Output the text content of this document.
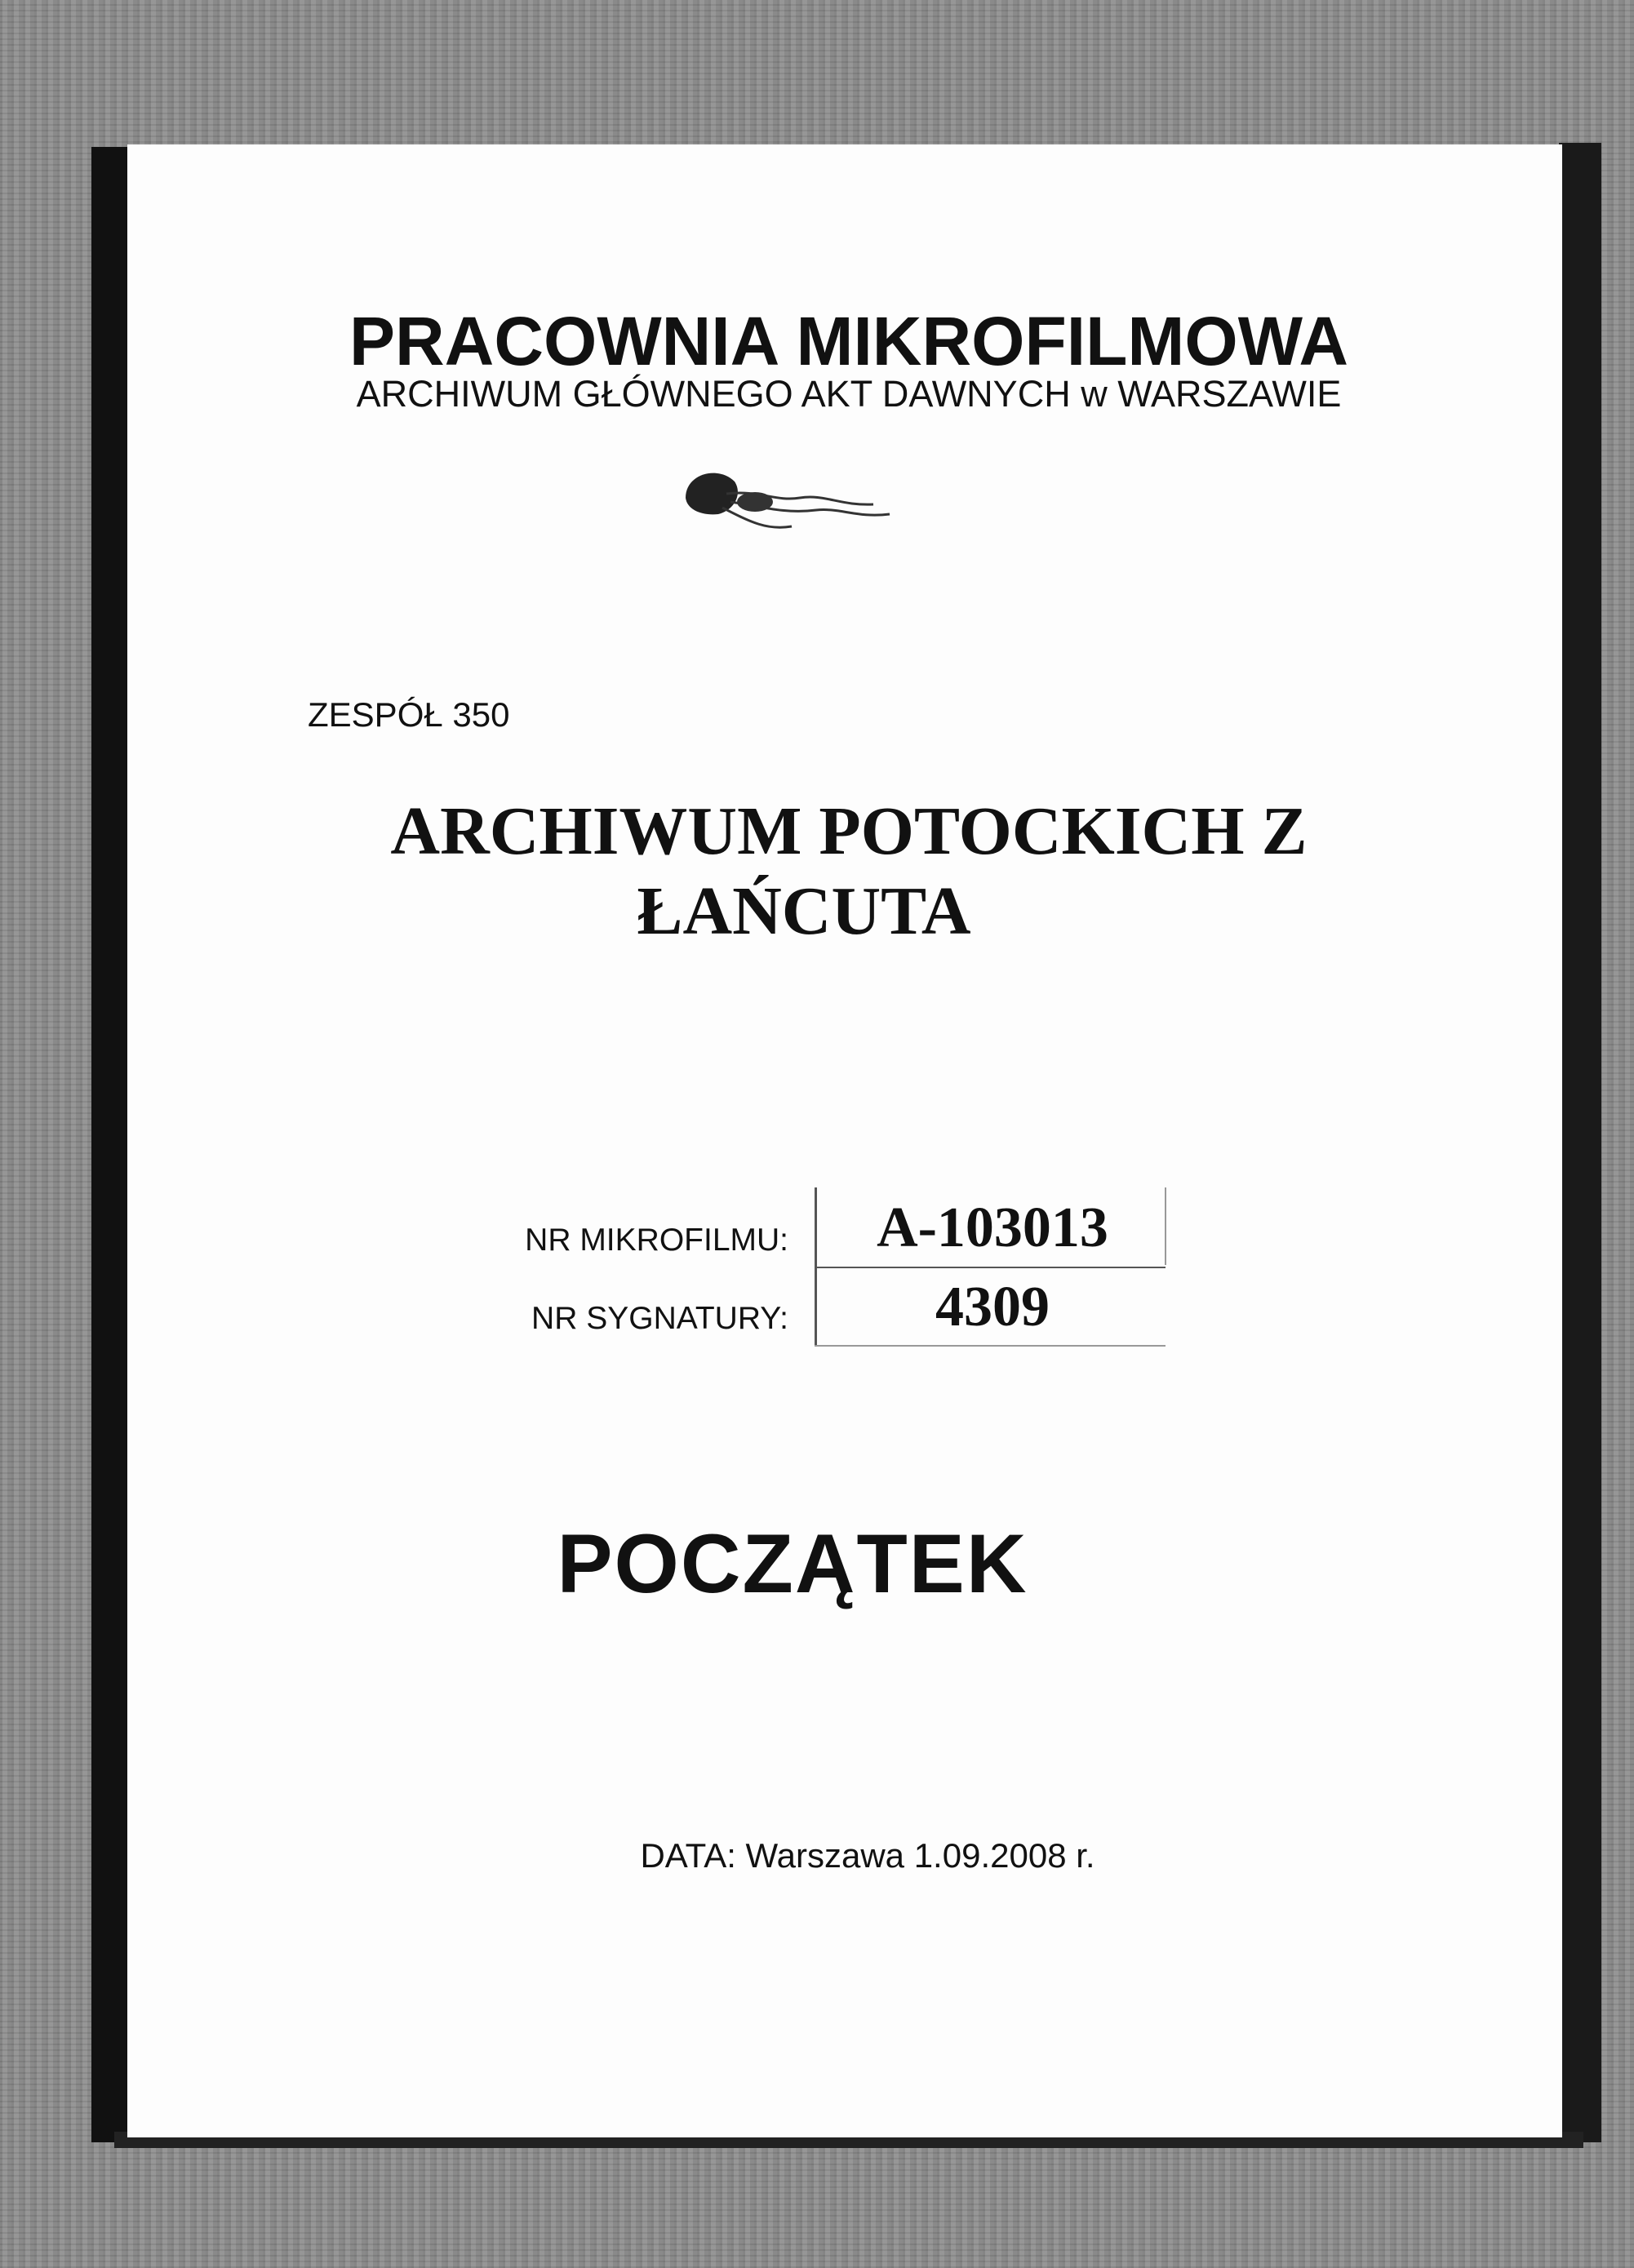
PRACOWNIA MIKROFILMOWA
ARCHIWUM GŁÓWNEGO AKT DAWNYCH w WARSZAWIE
ZESPÓŁ 350
ARCHIWUM POTOCKICH Z
ŁAŃCUTA
NR MIKROFILMU:
NR SYGNATURY:
A-103013
4309
POCZĄTEK
DATA: Warszawa 1.09.2008 r.
